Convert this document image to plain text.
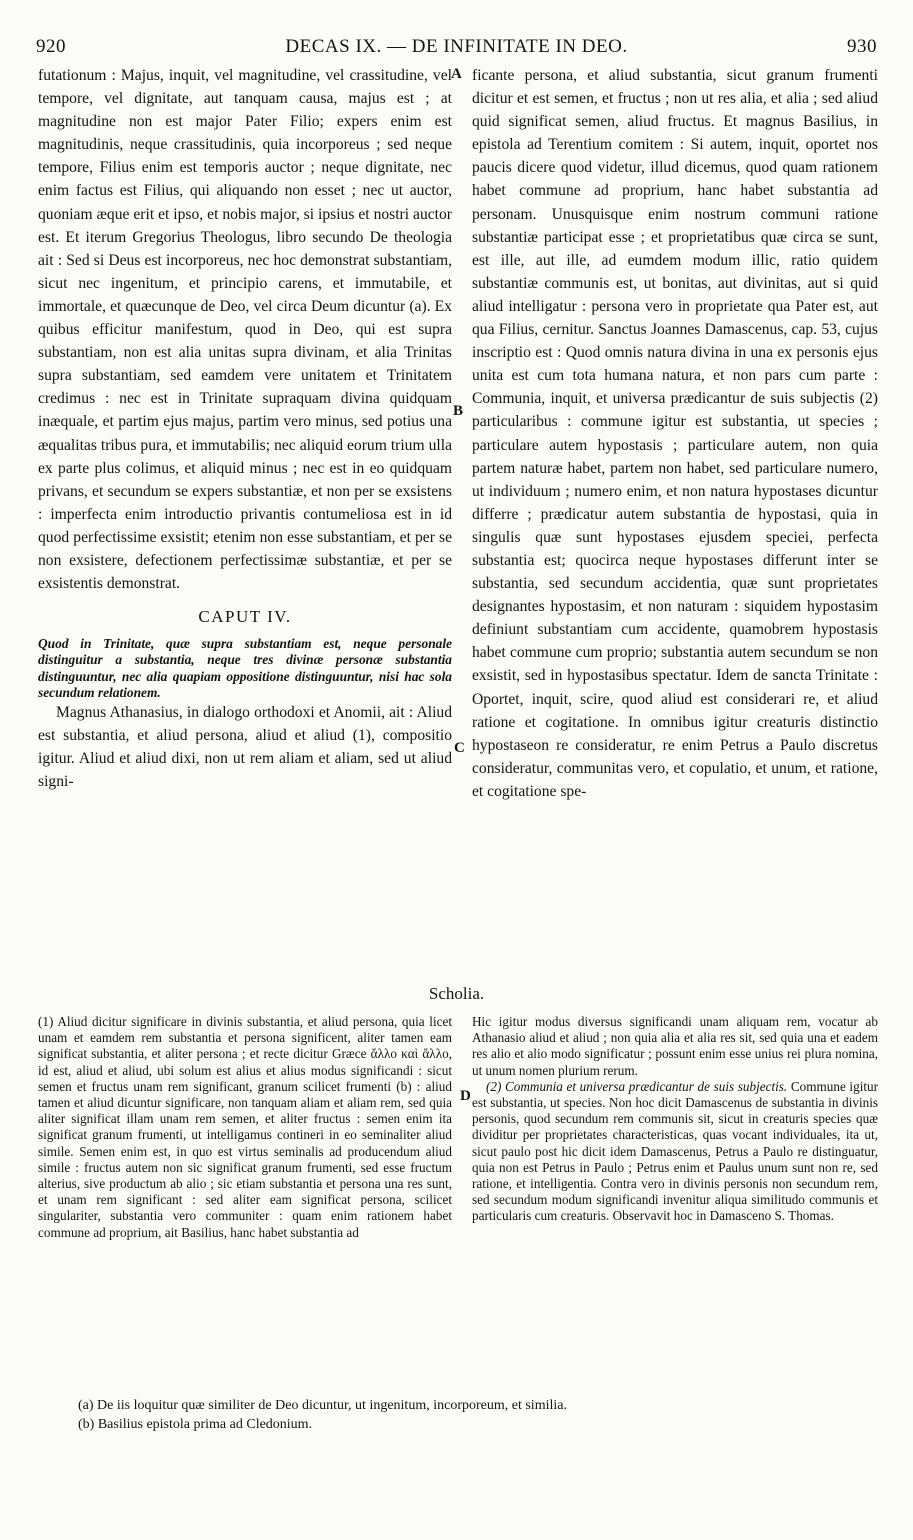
920	DECAS IX. — DE INFINITATE IN DEO.	930

futationum : Majus, inquit, vel magnitudine, vel crassitudine, vel tempore, vel dignitate, aut tanquam causa, majus est ; at magnitudine non est major Pater Filio; expers enim est magnitudinis, neque crassitudinis, quia incorporeus ; sed neque tempore, Filius enim est temporis auctor ; neque dignitate, nec enim factus est Filius, qui aliquando non esset ; nec ut auctor, quoniam æque erit et ipso, et nobis major, si ipsius et nostri auctor est. Et iterum Gregorius Theologus, libro secundo De theologia ait : Sed si Deus est incorporeus, nec hoc demonstrat substantiam, sicut nec ingenitum, et principio carens, et immutabile, et immortale, et quæcunque de Deo, vel circa Deum dicuntur (a). Ex quibus efficitur manifestum, quod in Deo, qui est supra substantiam, non est alia unitas supra divinam, et alia Trinitas supra substantiam, sed eamdem vere unitatem et Trinitatem credimus : nec est in Trinitate supraquam divina quidquam inæquale, et partim ejus majus, partim vero minus, sed potius una æqualitas tribus pura, et immutabilis; nec aliquid eorum trium ulla ex parte plus colimus, et aliquid minus ; nec est in eo quidquam privans, et secundum se expers substantiæ, et non per se exsistens : imperfecta enim introductio privantis contumeliosa est in id quod perfectissime exsistit; etenim non esse substantiam, et per se non exsistere, defectionem perfectissimæ substantiæ, et per se exsistentis demonstrat.

CAPUT IV.

Quod in Trinitate, quæ supra substantiam est, neque personale distinguitur a substantia, neque tres divinæ personæ substantia distinguuntur, nec alia quapiam oppositione distinguuntur, nisi hac sola secundum relationem.

Magnus Athanasius, in dialogo orthodoxi et Anomii, ait : Aliud est substantia, et aliud persona, aliud et aliud (1), compositio igitur. Aliud et aliud dixi, non ut rem aliam et aliam, sed ut aliud signi-

ficante persona, et aliud substantia, sicut granum frumenti dicitur et est semen, et fructus ; non ut res alia, et alia ; sed aliud quid significat semen, aliud fructus. Et magnus Basilius, in epistola ad Terentium comitem : Si autem, inquit, oportet nos paucis dicere quod videtur, illud dicemus, quod quam rationem habet commune ad proprium, hanc habet substantia ad personam. Unusquisque enim nostrum communi ratione substantiæ participat esse ; et proprietatibus quæ circa se sunt, est ille, aut ille, ad eumdem modum illic, ratio quidem substantiæ communis est, ut bonitas, aut divinitas, aut si quid aliud intelligatur : persona vero in proprietate qua Pater est, aut qua Filius, cernitur. Sanctus Joannes Damascenus, cap. 53, cujus inscriptio est : Quod omnis natura divina in una ex personis ejus unita est cum tota humana natura, et non pars cum parte : Communia, inquit, et universa prædicantur de suis subjectis (2) particularibus : commune igitur est substantia, ut species ; particulare autem hypostasis ; particulare autem, non quia partem naturæ habet, partem non habet, sed particulare numero, ut individuum ; numero enim, et non natura hypostases dicuntur differre ; prædicatur autem substantia de hypostasi, quia in singulis quæ sunt hypostases ejusdem speciei, perfecta substantia est; quocirca neque hypostases differunt inter se substantia, sed secundum accidentia, quæ sunt proprietates designantes hypostasim, et non naturam : siquidem hypostasim definiunt substantiam cum accidente, quamobrem hypostasis habet commune cum proprio; substantia autem secundum se non exsistit, sed in hypostasibus spectatur. Idem de sancta Trinitate : Oportet, inquit, scire, quod aliud est considerari re, et aliud ratione et cogitatione. In omnibus igitur creaturis distinctio hypostaseon re consideratur, re enim Petrus a Paulo discretus consideratur, communitas vero, et copulatio, et unum, et ratione, et cogitatione spe-

A
B
C
D
Scholia.

(1) Aliud dicitur significare in divinis substantia, et aliud persona, quia licet unam et eamdem rem substantia et persona significent, aliter tamen eam significat substantia, et aliter persona ; et recte dicitur Græce ἄλλο καὶ ἄλλο, id est, aliud et aliud, ubi solum est alius et alius modus significandi : sicut semen et fructus unam rem significant, granum scilicet frumenti (b) : aliud tamen et aliud dicuntur significare, non tanquam aliam et aliam rem, sed quia aliter significat illam unam rem semen, et aliter fructus : semen enim ita significat granum frumenti, ut intelligamus contineri in eo seminaliter aliud simile. Semen enim est, in quo est virtus seminalis ad producendum aliud simile : fructus autem non sic significat granum frumenti, sed esse fructum alterius, sive productum ab alio ; sic etiam substantia et persona una res sunt, et unam rem significant : sed aliter eam significat persona, scilicet singulariter, substantia vero communiter : quam enim rationem habet commune ad proprium, ait Basilius, hanc habet substantia ad

Hic igitur modus diversus significandi unam aliquam rem, vocatur ab Athanasio aliud et aliud ; non quia alia et alia res sit, sed quia una et eadem res alio et alio modo significatur ; possunt enim esse unius rei plura nomina, ut unum nomen plurium rerum.

(2) Communia et universa prædicantur de suis subjectis. Commune igitur est substantia, ut species. Non hoc dicit Damascenus de substantia in divinis personis, quod secundum rem communis sit, sicut in creaturis species quæ dividitur per proprietates characteristicas, quas vocant individuales, ita ut, sicut paulo post hic dicit idem Damascenus, Petrus a Paulo re distinguatur, quia non est Petrus in Paulo ; Petrus enim et Paulus unum sunt non re, sed ratione, et intelligentia. Contra vero in divinis personis non secundum rem, sed secundum modum significandi invenitur aliqua similitudo communis et particularis cum creaturis. Observavit hoc in Damasceno S. Thomas.

(a) De iis loquitur quæ similiter de Deo dicuntur, ut ingenitum, incorporeum, et similia.

(b) Basilius epistola prima ad Cledonium.
